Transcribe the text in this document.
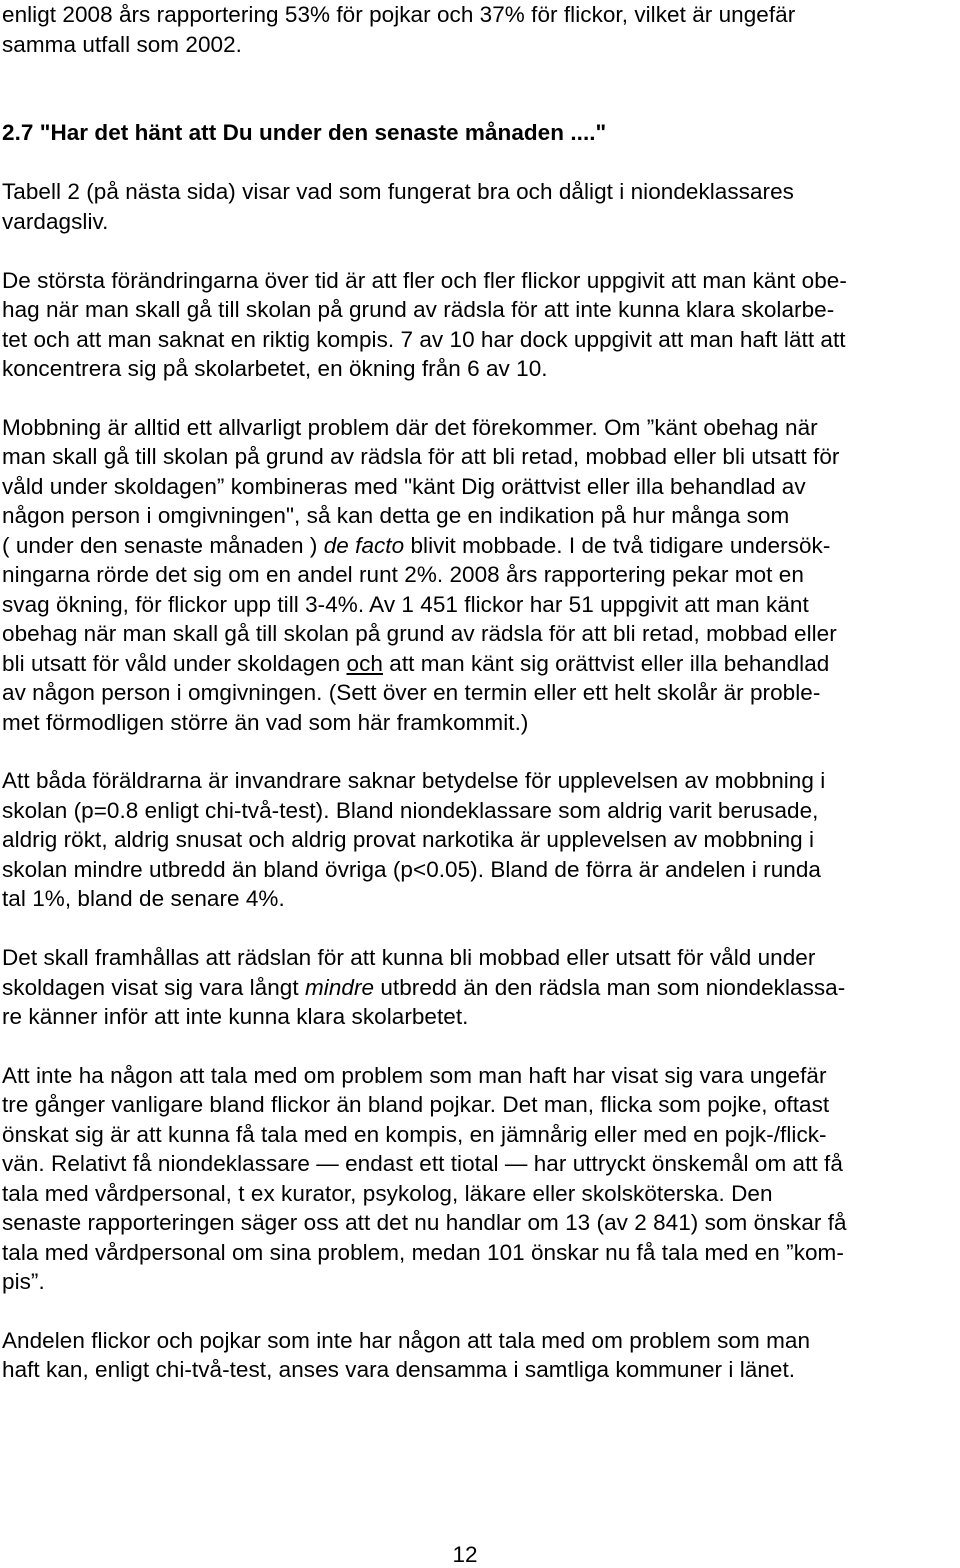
enligt 2008 års rapportering 53% för pojkar och 37% för flickor, vilket är ungefär

samma utfall som 2002.

2.7 "Har det hänt att Du under den senaste månaden ...."

Tabell 2 (på nästa sida) visar vad som fungerat bra och dåligt i niondeklassares

vardagsliv.

De största förändringarna över tid är att fler och fler flickor uppgivit att man känt obe-

hag när man skall gå till skolan på grund av rädsla för att inte kunna klara skolarbe-

tet och att man saknat en riktig kompis. 7 av 10 har dock uppgivit att man haft lätt att

koncentrera sig på skolarbetet, en ökning från 6 av 10.

Mobbning är alltid ett allvarligt problem där det förekommer. Om ”känt obehag när

man skall gå till skolan på grund av rädsla för att bli retad, mobbad eller bli utsatt för

våld under skoldagen” kombineras med "känt Dig orättvist eller illa behandlad av

någon person i omgivningen", så kan detta ge en indikation på hur många som

( under den senaste månaden ) de facto blivit mobbade. I de två tidigare undersök-

ningarna rörde det sig om en andel runt 2%. 2008 års rapportering pekar mot en

svag ökning, för flickor upp till 3-4%. Av 1 451 flickor har 51 uppgivit att man känt

obehag när man skall gå till skolan på grund av rädsla för att bli retad, mobbad eller

bli utsatt för våld under skoldagen och att man känt sig orättvist eller illa behandlad

av någon person i omgivningen. (Sett över en termin eller ett helt skolår är proble-

met förmodligen större än vad som här framkommit.)

Att båda föräldrarna är invandrare saknar betydelse för upplevelsen av mobbning i

skolan (p=0.8 enligt chi-två-test). Bland niondeklassare som aldrig varit berusade,

aldrig rökt, aldrig snusat och aldrig provat narkotika är upplevelsen av mobbning i

skolan mindre utbredd än bland övriga (p<0.05). Bland de förra är andelen i runda

tal 1%, bland de senare 4%.

Det skall framhållas att rädslan för att kunna bli mobbad eller utsatt för våld under

skoldagen visat sig vara långt mindre utbredd än den rädsla man som niondeklassa-

re känner inför att inte kunna klara skolarbetet.

Att inte ha någon att tala med om problem som man haft har visat sig vara ungefär

tre gånger vanligare bland flickor än bland pojkar. Det man, flicka som pojke, oftast

önskat sig är att kunna få tala med en kompis, en jämnårig eller med en pojk-/flick-

vän. Relativt få niondeklassare — endast ett tiotal — har uttryckt önskemål om att få

tala med vårdpersonal, t ex kurator, psykolog, läkare eller skolsköterska. Den

senaste rapporteringen säger oss att det nu handlar om 13 (av 2 841) som önskar få

tala med vårdpersonal om sina problem, medan 101 önskar nu få tala med en ”kom-

pis”.

Andelen flickor och pojkar som inte har någon att tala med om problem som man

haft kan, enligt chi-två-test, anses vara densamma i samtliga kommuner i länet.

12
